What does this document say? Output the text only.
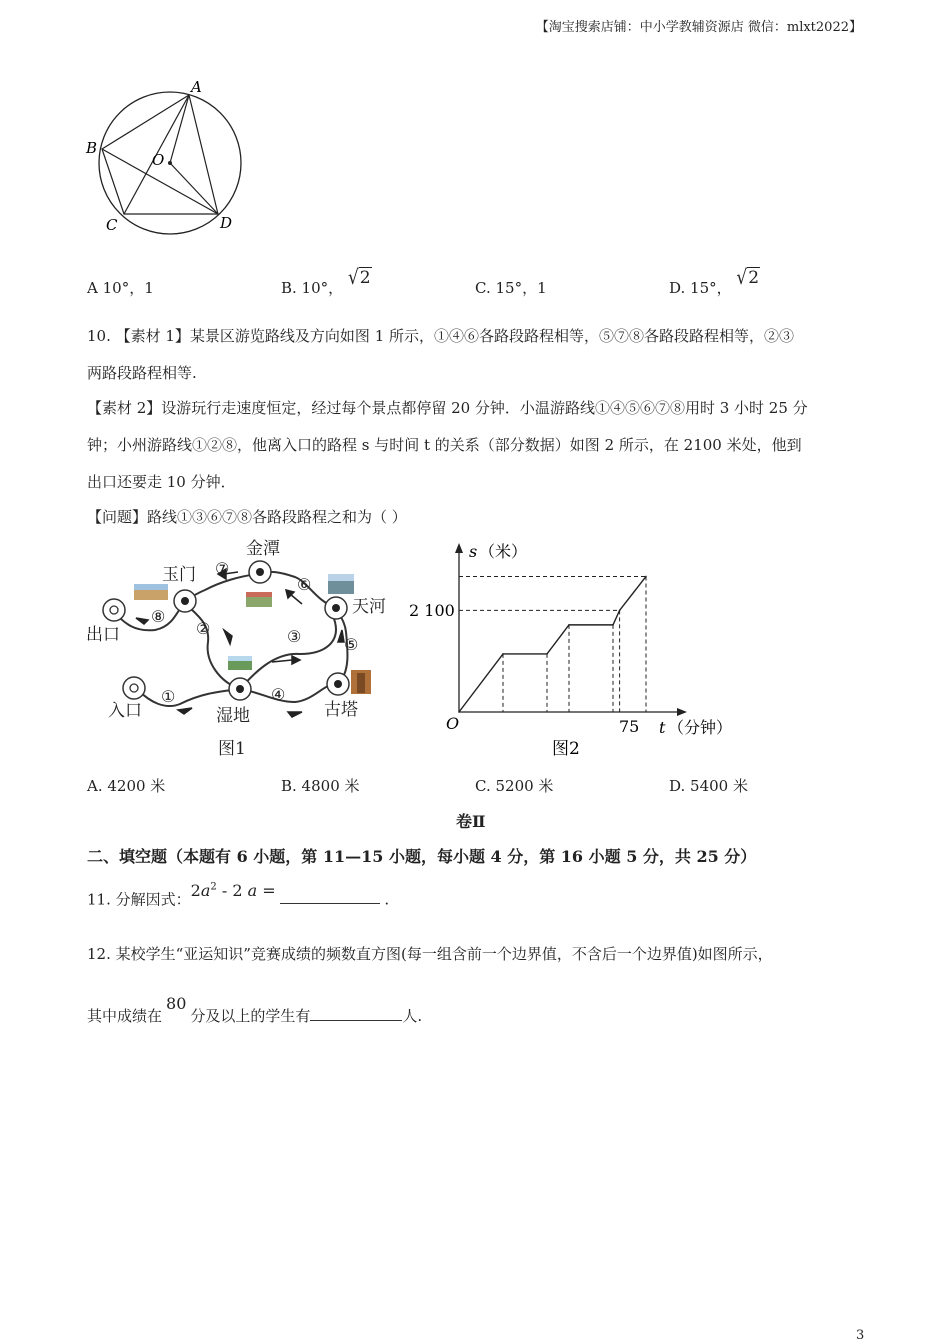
【淘宝搜索店铺：中小学教辅资源店 微信：mlxt2022】
A
B
O
C	D
A 10°，1	B. 10°， √2	C. 15°，1	D. 15°， √2
10. 【素材 1】某景区游览路线及方向如图 1 所示，①④⑥各路段路程相等，⑤⑦⑧各路段路程相等，②③
两路段路程相等.
【素材 2】设游玩行走速度恒定，经过每个景点都停留 20 分钟．小温游路线①④⑤⑥⑦⑧用时 3 小时 25 分
钟；小州游路线①②⑧，他离入口的路程 s 与时间 t 的关系（部分数据）如图 2 所示，在 2100 米处，他到
出口还要走 10 分钟．
【问题】路线①③⑥⑦⑧各路段路程之和为（ ）
①
②	③
④
⑤
⑥
⑦
⑧
出口
玉门
金潭
天河
入口	湿地	古塔
图1
s （米）
t （分钟）
O
2 100
75
图2
A. 4200 米	B. 4800 米	C. 5200 米	D. 5400 米
卷Ⅱ
二、填空题（本题有 6 小题，第 11—15 小题，每小题 4 分，第 16 小题 5 分，共 25 分）
11. 分解因式：$2a^2 - 2$ a =	.
12. 某校学生“亚运知识”竞赛成绩的频数直方图(每一组含前一个边界值，不含后一个边界值)如图所示，
其中成绩在80分及以上的学生有	人.
3
